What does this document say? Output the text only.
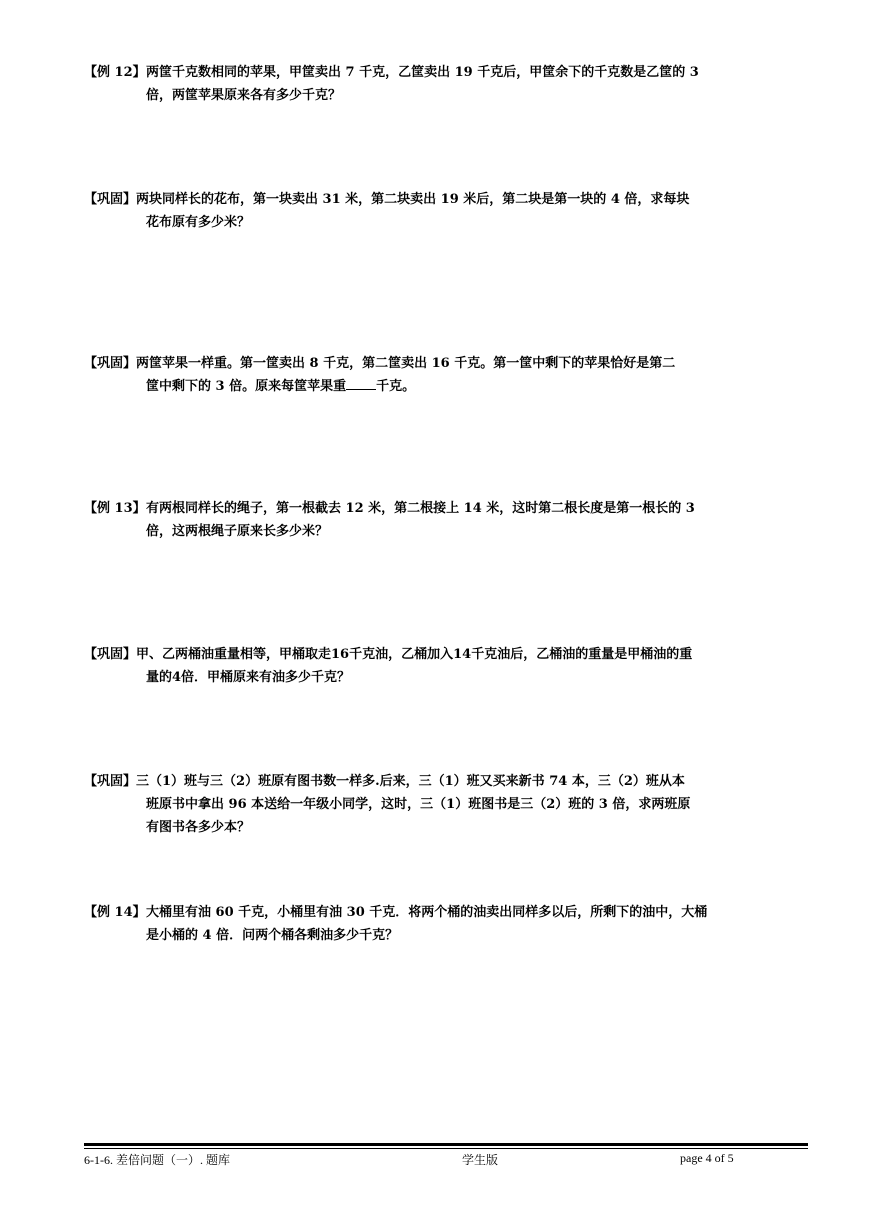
【例 12】两筐千克数相同的苹果，甲筐卖出 7 千克，乙筐卖出 19 千克后，甲筐余下的千克数是乙筐的 3
倍，两筐苹果原来各有多少千克？
【巩固】两块同样长的花布，第一块卖出 31 米，第二块卖出 19 米后，第二块是第一块的 4 倍，求每块
花布原有多少米？
【巩固】两筐苹果一样重。第一筐卖出 8 千克，第二筐卖出 16 千克。第一筐中剩下的苹果恰好是第二
筐中剩下的 3 倍。原来每筐苹果重 千克。
【例 13】有两根同样长的绳子，第一根截去 12 米，第二根接上 14 米，这时第二根长度是第一根长的 3
倍，这两根绳子原来长多少米？
【巩固】甲、乙两桶油重量相等，甲桶取走16千克油，乙桶加入14千克油后，乙桶油的重量是甲桶油的重
量的4倍．甲桶原来有油多少千克？
【巩固】三（1）班与三（2）班原有图书数一样多.后来，三（1）班又买来新书 74 本，三（2）班从本
班原书中拿出 96 本送给一年级小同学，这时，三（1）班图书是三（2）班的 3 倍，求两班原
有图书各多少本？
【例 14】大桶里有油 60 千克，小桶里有油 30 千克．将两个桶的油卖出同样多以后，所剩下的油中，大桶
是小桶的 4 倍．问两个桶各剩油多少千克？
6-1-6. 差倍问题（一）. 题库	学生版	page 4 of 5
